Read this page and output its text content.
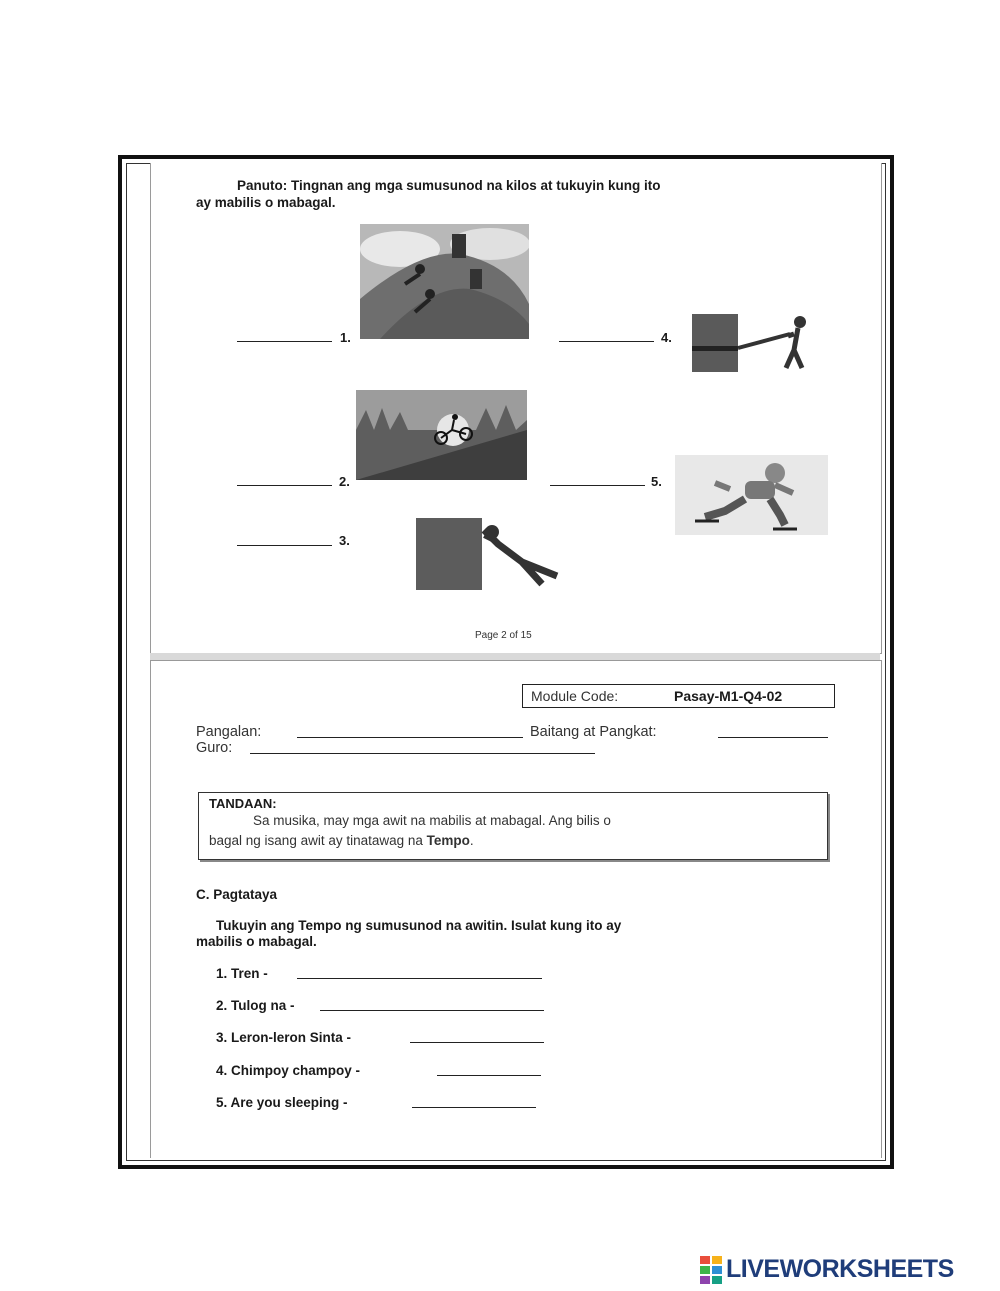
Panuto: Tingnan ang mga sumusunod na kilos at tukuyin kung ito
ay mabilis o mabagal.
1.	4.
2.	5.
3.
Page 2 of 15
Module Code:	Pasay-M1-Q4-02
Pangalan:	Baitang at Pangkat:
Guro:
TANDAAN:
Sa musika, may mga awit na mabilis at mabagal. Ang bilis o
bagal ng isang awit ay tinatawag na Tempo.
C. Pagtataya
Tukuyin ang Tempo ng sumusunod na awitin. Isulat kung ito ay
mabilis o mabagal.
1. Tren -
2. Tulog na -
3. Leron-leron Sinta -
4. Chimpoy champoy -
5. Are you sleeping -
LIVEWORKSHEETS
